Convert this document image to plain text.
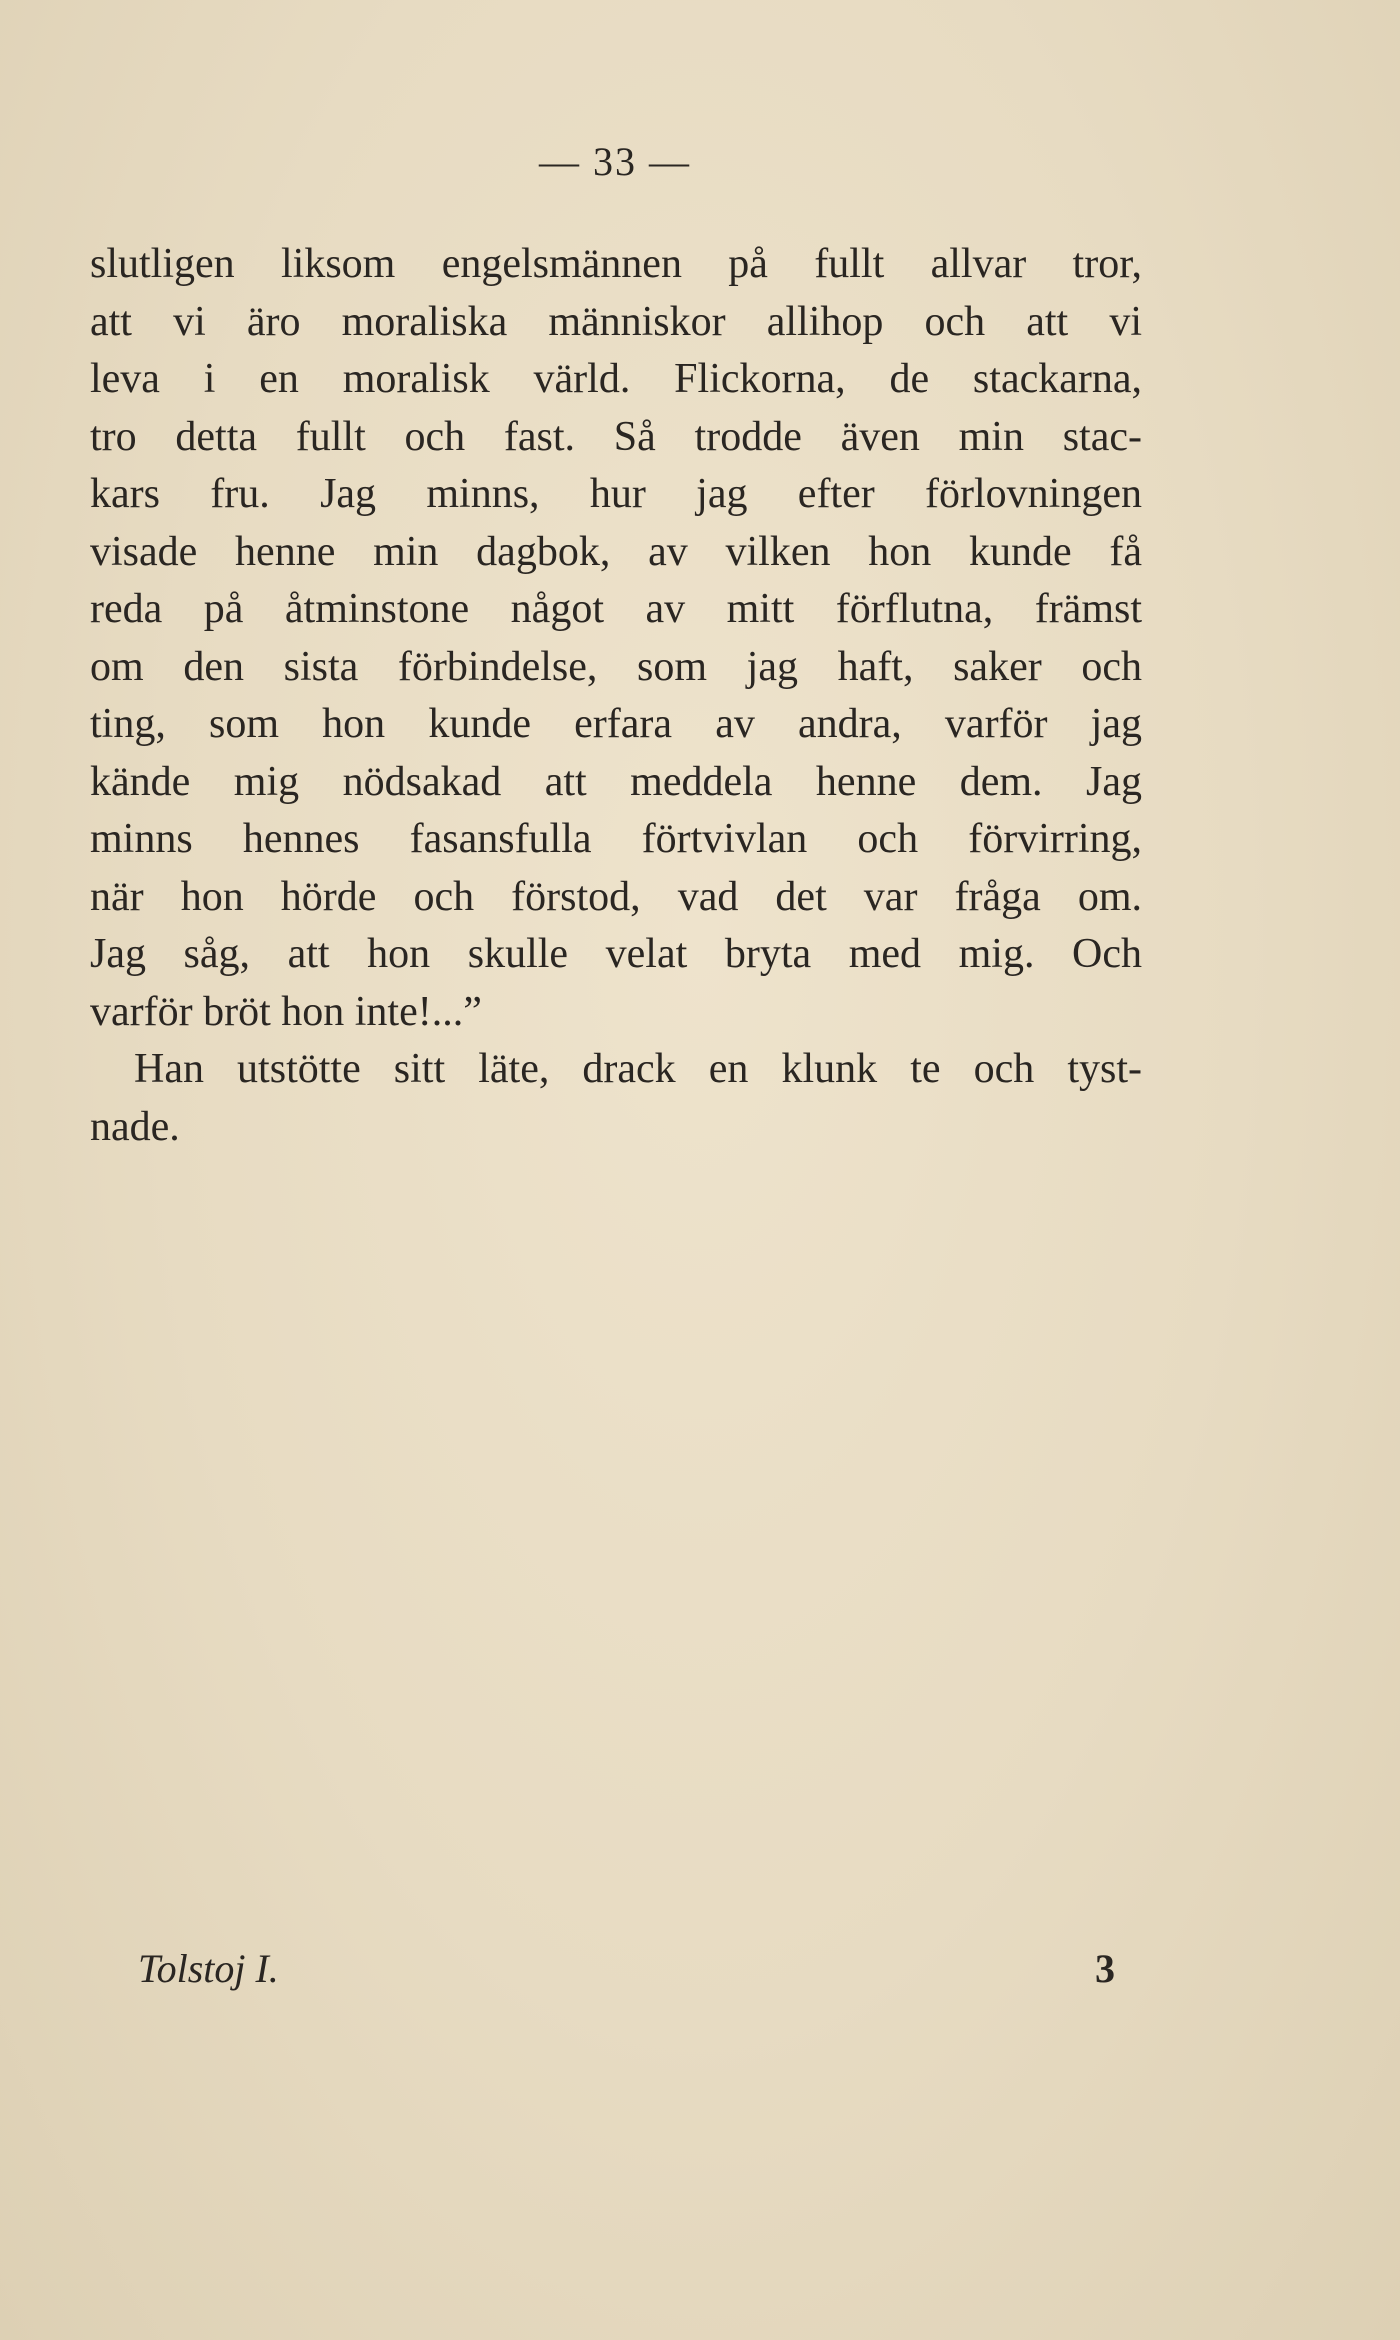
— 33 —
slutligen liksom engelsmännen på fullt allvar tror,
att vi äro moraliska människor allihop och att vi
leva i en moralisk värld. Flickorna, de stackarna,
tro detta fullt och fast. Så trodde även min stac-
kars fru. Jag minns, hur jag efter förlovningen
visade henne min dagbok, av vilken hon kunde få
reda på åtminstone något av mitt förflutna, främst
om den sista förbindelse, som jag haft, saker och
ting, som hon kunde erfara av andra, varför jag
kände mig nödsakad att meddela henne dem. Jag
minns hennes fasansfulla förtvivlan och förvirring,
när hon hörde och förstod, vad det var fråga om.
Jag såg, att hon skulle velat bryta med mig. Och
varför bröt hon inte!...”
Han utstötte sitt läte, drack en klunk te och tyst-
nade.
Tolstoj I.	3
